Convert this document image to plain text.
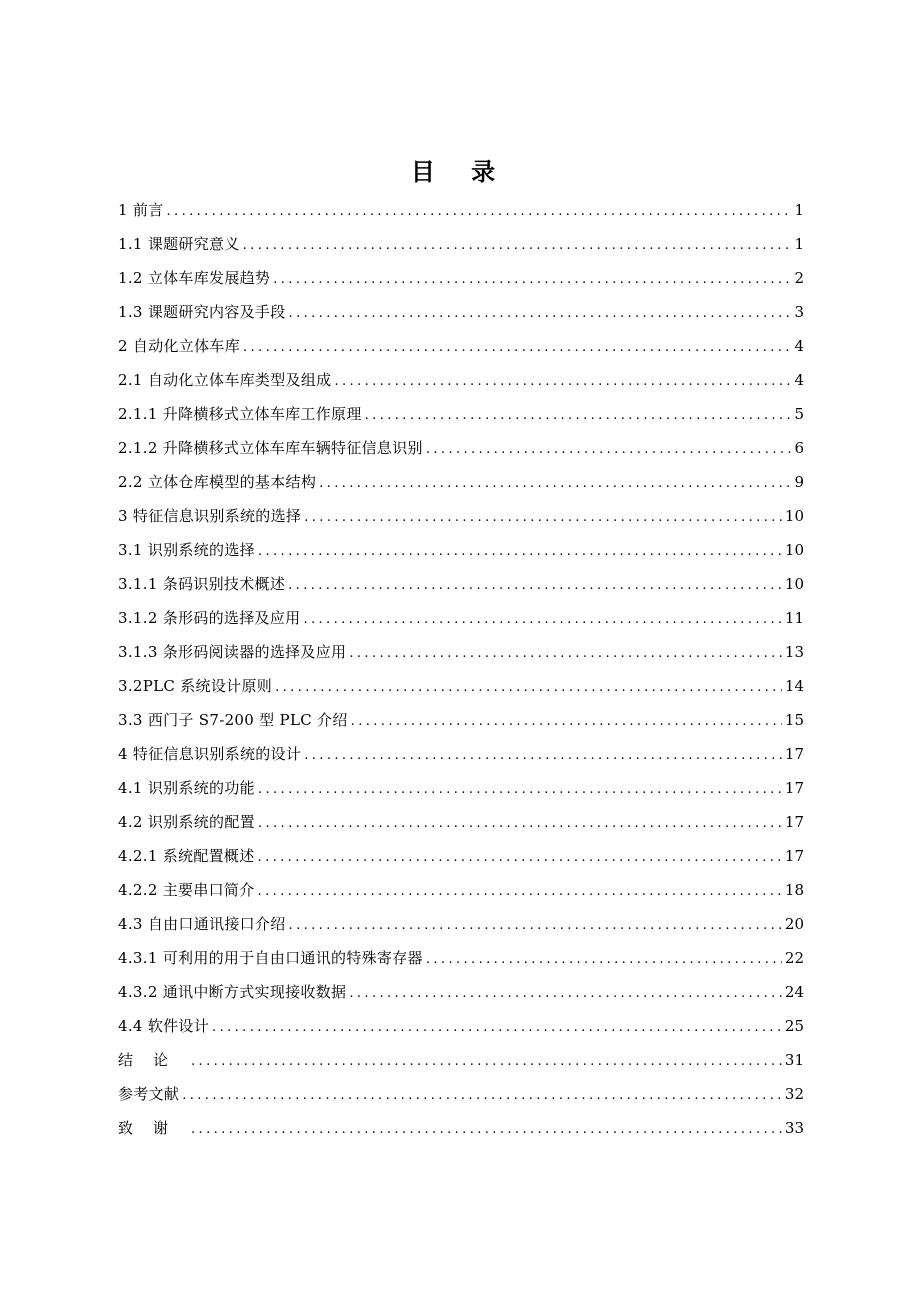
目 录
1 前言 .....	1
1.1 课题研究意义 .....	1
1.2 立体车库发展趋势 .....	2
1.3 课题研究内容及手段 .....	3
2 自动化立体车库 .....	4
2.1 自动化立体车库类型及组成 .....	4
2.1.1 升降横移式立体车库工作原理 .....	5
2.1.2 升降横移式立体车库车辆特征信息识别 .....	6
2.2 立体仓库模型的基本结构 .....	9
3 特征信息识别系统的选择 .....	10
3.1 识别系统的选择 .....	10
3.1.1 条码识别技术概述 .....	10
3.1.2 条形码的选择及应用 .....	11
3.1.3 条形码阅读器的选择及应用 .....	13
3.2PLC 系统设计原则 .....	14
3.3 西门子 S7-200 型 PLC 介绍 .....	15
4 特征信息识别系统的设计 .....	17
4.1 识别系统的功能 .....	17
4.2 识别系统的配置 .....	17
4.2.1 系统配置概述 .....	17
4.2.2 主要串口简介 .....	18
4.3 自由口通讯接口介绍 .....	20
4.3.1 可利用的用于自由口通讯的特殊寄存器 .....	22
4.3.2 通讯中断方式实现接收数据 .....	24
4.4 软件设计 .....	25
结论 .....	31
参考文献 .....	32
致谢 .....	33
